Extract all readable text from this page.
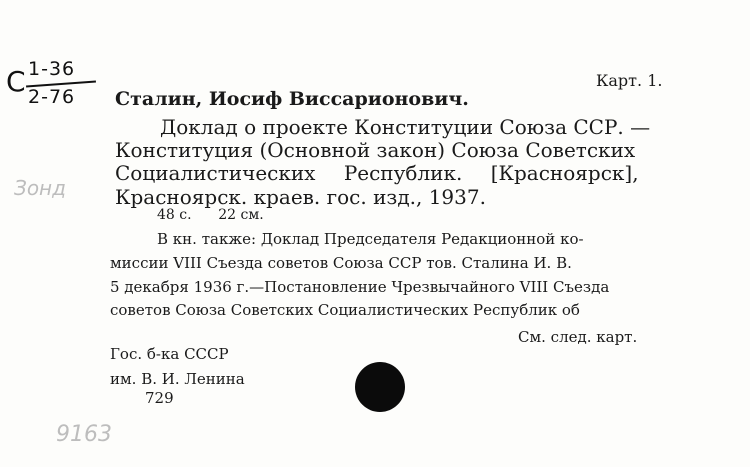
C 1-36
2-76
Карт. 1.
Сталин, Иосиф Виссарионович.
Доклад о проекте Конституции Союза ССР. —
Конституция (Основной закон) Союза Советских
Социалистических Республик. [Красноярск],
Красноярск. краев. гос. изд., 1937.
48 с.      22 см.
В кн. также: Доклад Председателя Редакционной ко-
миссии VIII Съезда советов Союза ССР тов. Сталина И. В.
5 декабря 1936 г.—Постановление Чрезвычайного VIII Съезда
советов Союза Советских Социалистических Республик об
См. след. карт.
Гос. б-ка СССР
им. В. И. Ленина
729
Зонд
9163
